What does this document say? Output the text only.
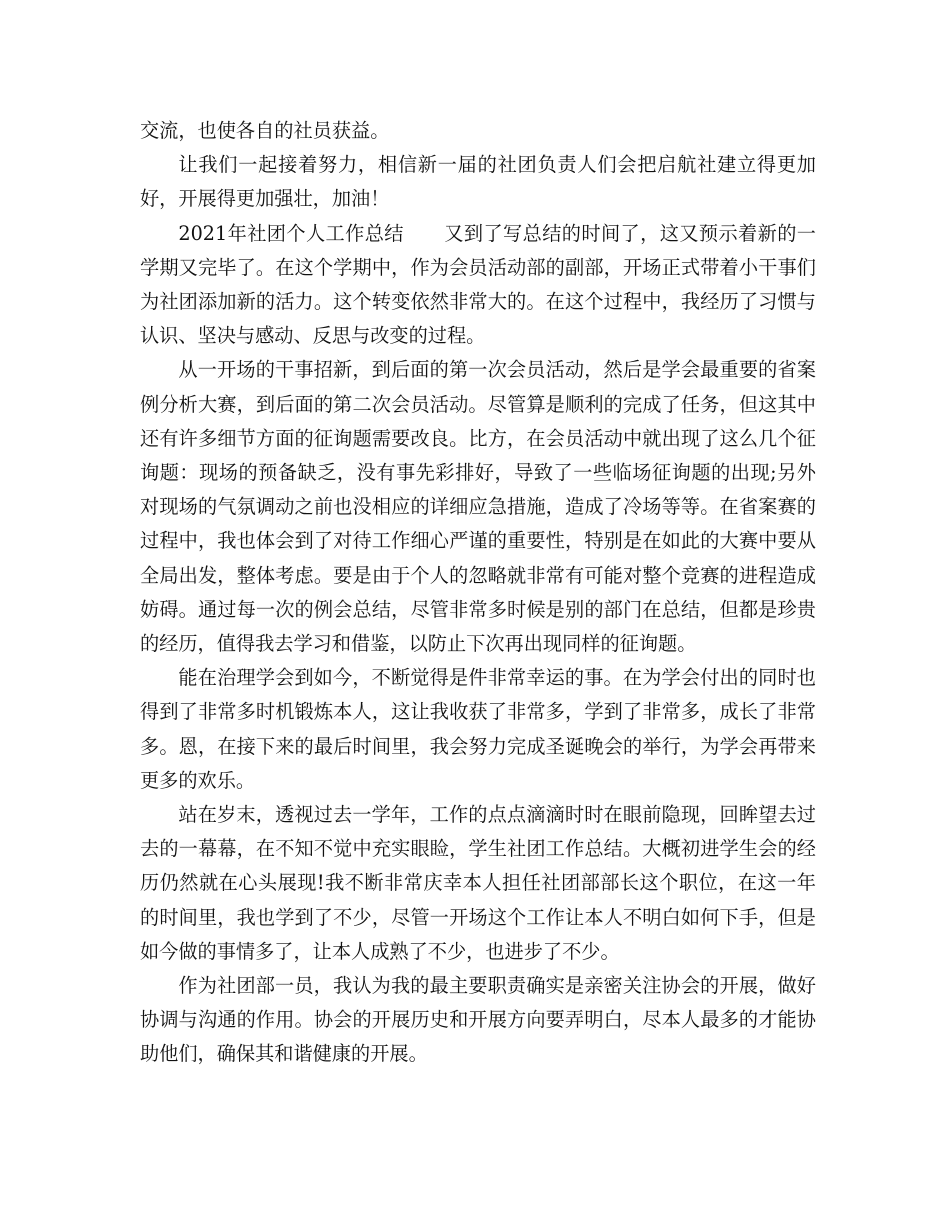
交流，也使各自的社员获益。

让我们一起接着努力，相信新一届的社团负责人们会把启航社建立得更加好，开展得更加强壮，加油！

2021年社团个人工作总结 又到了写总结的时间了，这又预示着新的一学期又完毕了。在这个学期中，作为会员活动部的副部，开场正式带着小干事们为社团添加新的活力。这个转变依然非常大的。在这个过程中，我经历了习惯与认识、坚决与感动、反思与改变的过程。

从一开场的干事招新，到后面的第一次会员活动，然后是学会最重要的省案例分析大赛，到后面的第二次会员活动。尽管算是顺利的完成了任务，但这其中还有许多细节方面的征询题需要改良。比方，在会员活动中就出现了这么几个征询题：现场的预备缺乏，没有事先彩排好，导致了一些临场征询题的出现;另外对现场的气氛调动之前也没相应的详细应急措施，造成了冷场等等。在省案赛的过程中，我也体会到了对待工作细心严谨的重要性，特别是在如此的大赛中要从全局出发，整体考虑。要是由于个人的忽略就非常有可能对整个竞赛的进程造成妨碍。通过每一次的例会总结，尽管非常多时候是别的部门在总结，但都是珍贵的经历，值得我去学习和借鉴，以防止下次再出现同样的征询题。

能在治理学会到如今，不断觉得是件非常幸运的事。在为学会付出的同时也得到了非常多时机锻炼本人，这让我收获了非常多，学到了非常多，成长了非常多。恩，在接下来的最后时间里，我会努力完成圣诞晚会的举行，为学会再带来更多的欢乐。

站在岁末，透视过去一学年，工作的点点滴滴时时在眼前隐现，回眸望去过去的一幕幕，在不知不觉中充实眼睑，学生社团工作总结。大概初进学生会的经历仍然就在心头展现!我不断非常庆幸本人担任社团部部长这个职位，在这一年的时间里，我也学到了不少，尽管一开场这个工作让本人不明白如何下手，但是如今做的事情多了，让本人成熟了不少，也进步了不少。

作为社团部一员，我认为我的最主要职责确实是亲密关注协会的开展，做好协调与沟通的作用。协会的开展历史和开展方向要弄明白，尽本人最多的才能协助他们，确保其和谐健康的开展。
